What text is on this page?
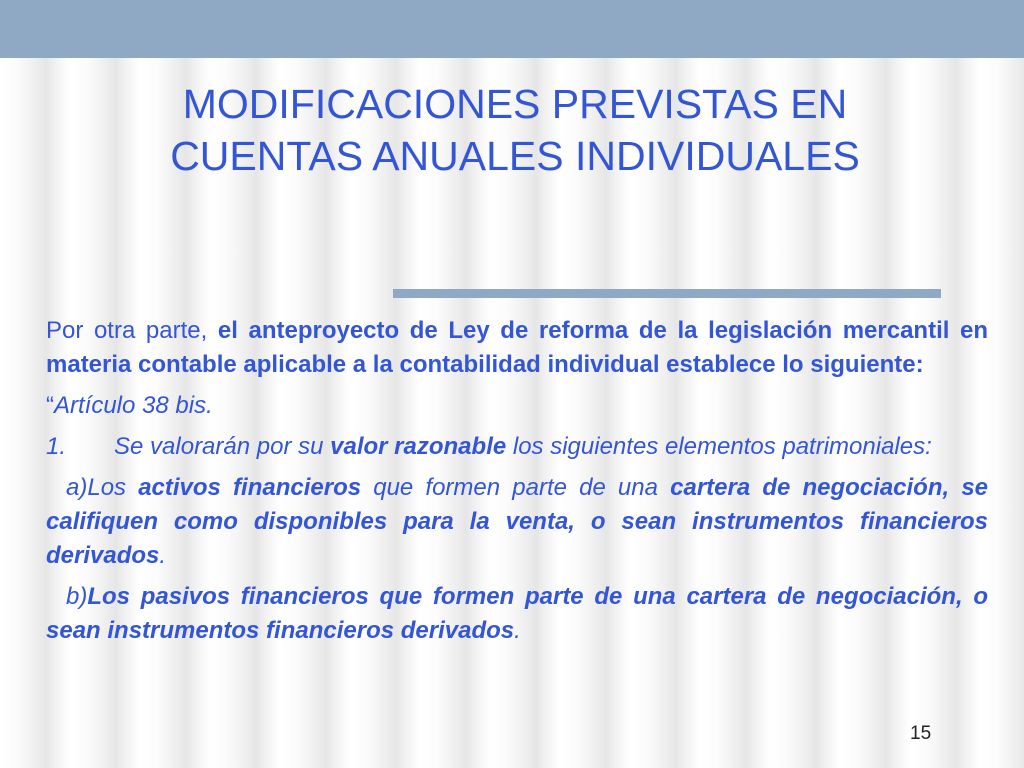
MODIFICACIONES PREVISTAS EN
CUENTAS ANUALES INDIVIDUALES

Por otra parte, el anteproyecto de Ley de reforma de la legislación mercantil en materia contable aplicable a la contabilidad individual establece lo siguiente:

“Artículo 38 bis.

1. Se valorarán por su valor razonable los siguientes elementos patrimoniales:

a)Los activos financieros que formen parte de una cartera de negociación, se califiquen como disponibles para la venta, o sean instrumentos financieros derivados.

b)Los pasivos financieros que formen parte de una cartera de negociación, o sean instrumentos financieros derivados.

15
